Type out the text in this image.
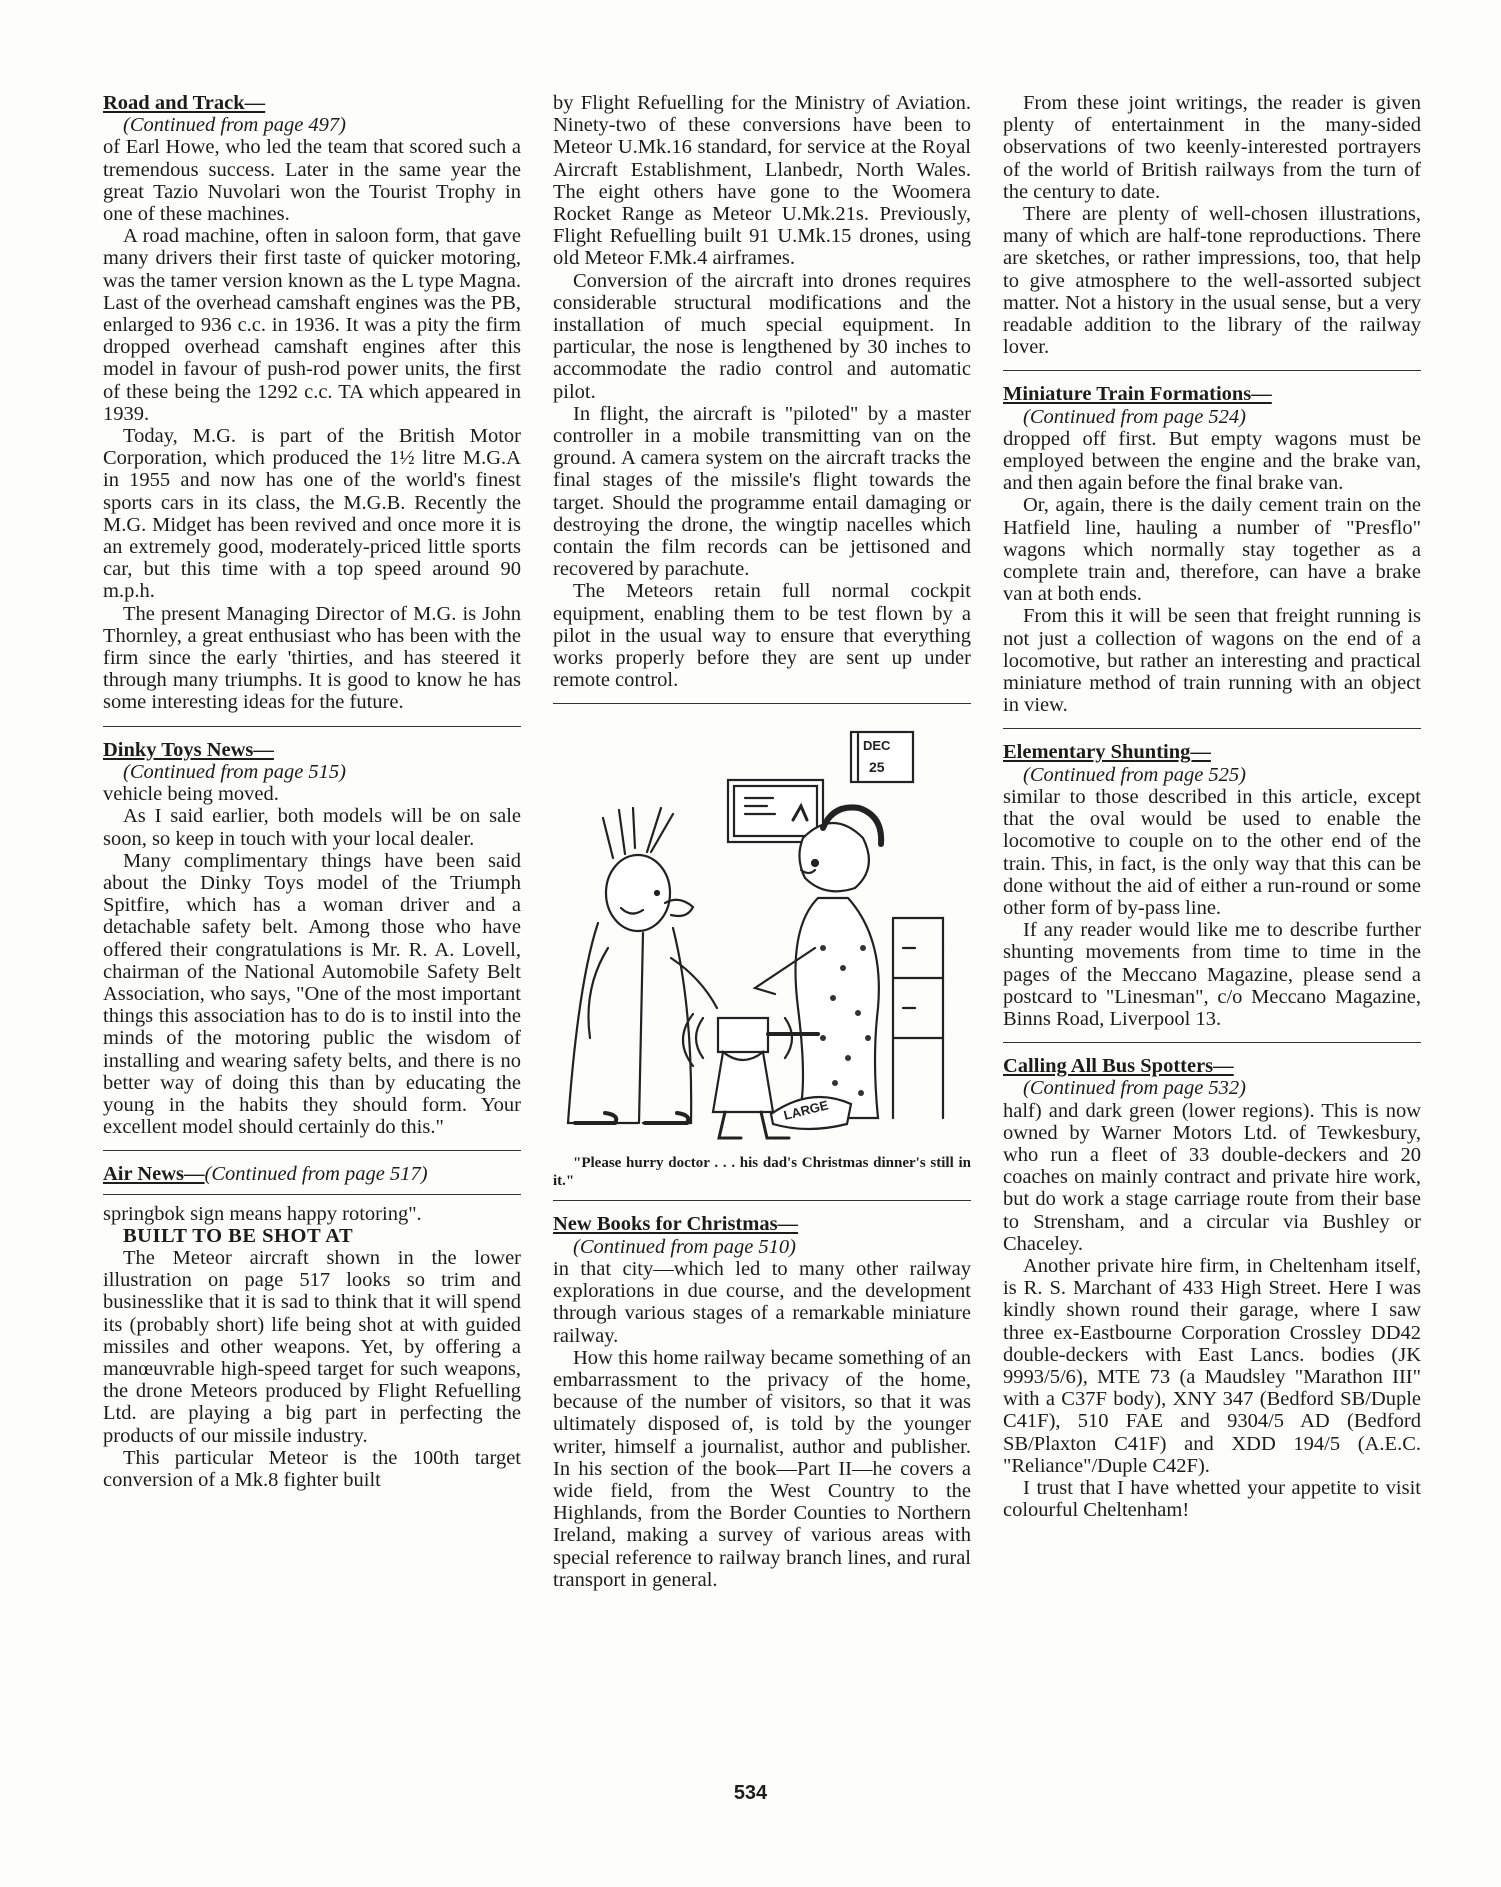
Road and Track—

(Continued from page 497)

of Earl Howe, who led the team that scored such a tremendous success. Later in the same year the great Tazio Nuvolari won the Tourist Trophy in one of these machines.

A road machine, often in saloon form, that gave many drivers their first taste of quicker motoring, was the tamer version known as the L type Magna. Last of the overhead camshaft engines was the PB, enlarged to 936 c.c. in 1936. It was a pity the firm dropped overhead camshaft engines after this model in favour of push-rod power units, the first of these being the 1292 c.c. TA which appeared in 1939.

Today, M.G. is part of the British Motor Corporation, which produced the 1½ litre M.G.A in 1955 and now has one of the world's finest sports cars in its class, the M.G.B. Recently the M.G. Midget has been revived and once more it is an extremely good, moderately-priced little sports car, but this time with a top speed around 90 m.p.h.

The present Managing Director of M.G. is John Thornley, a great enthusiast who has been with the firm since the early 'thirties, and has steered it through many triumphs. It is good to know he has some interesting ideas for the future.

Dinky Toys News—

(Continued from page 515)

vehicle being moved.

As I said earlier, both models will be on sale soon, so keep in touch with your local dealer.

Many complimentary things have been said about the Dinky Toys model of the Triumph Spitfire, which has a woman driver and a detachable safety belt. Among those who have offered their congratulations is Mr. R. A. Lovell, chairman of the National Automobile Safety Belt Association, who says, "One of the most important things this association has to do is to instil into the minds of the motoring public the wisdom of installing and wearing safety belts, and there is no better way of doing this than by educating the young in the habits they should form. Your excellent model should certainly do this."

Air News—(Continued from page 517)

springbok sign means happy rotoring".

BUILT TO BE SHOT AT

The Meteor aircraft shown in the lower illustration on page 517 looks so trim and businesslike that it is sad to think that it will spend its (probably short) life being shot at with guided missiles and other weapons. Yet, by offering a manœuvrable high-speed target for such weapons, the drone Meteors produced by Flight Refuelling Ltd. are playing a big part in perfecting the products of our missile industry.

This particular Meteor is the 100th target conversion of a Mk.8 fighter built

by Flight Refuelling for the Ministry of Aviation. Ninety-two of these conversions have been to Meteor U.Mk.16 standard, for service at the Royal Aircraft Establishment, Llanbedr, North Wales. The eight others have gone to the Woomera Rocket Range as Meteor U.Mk.21s. Previously, Flight Refuelling built 91 U.Mk.15 drones, using old Meteor F.Mk.4 airframes.

Conversion of the aircraft into drones requires considerable structural modifications and the installation of much special equipment. In particular, the nose is lengthened by 30 inches to accommodate the radio control and automatic pilot.

In flight, the aircraft is "piloted" by a master controller in a mobile transmitting van on the ground. A camera system on the aircraft tracks the final stages of the missile's flight towards the target. Should the programme entail damaging or destroying the drone, the wingtip nacelles which contain the film records can be jettisoned and recovered by parachute.

The Meteors retain full normal cockpit equipment, enabling them to be test flown by a pilot in the usual way to ensure that everything works properly before they are sent up under remote control.

DEC
25
LARGE

"Please hurry doctor . . . his dad's Christmas dinner's still in it."

New Books for Christmas—

(Continued from page 510)

in that city—which led to many other railway explorations in due course, and the development through various stages of a remarkable miniature railway.

How this home railway became something of an embarrassment to the privacy of the home, because of the number of visitors, so that it was ultimately disposed of, is told by the younger writer, himself a journalist, author and publisher. In his section of the book—Part II—he covers a wide field, from the West Country to the Highlands, from the Border Counties to Northern Ireland, making a survey of various areas with special reference to railway branch lines, and rural transport in general.

From these joint writings, the reader is given plenty of entertainment in the many-sided observations of two keenly-interested portrayers of the world of British railways from the turn of the century to date.

There are plenty of well-chosen illustrations, many of which are half-tone reproductions. There are sketches, or rather impressions, too, that help to give atmosphere to the well-assorted subject matter. Not a history in the usual sense, but a very readable addition to the library of the railway lover.

Miniature Train Formations—

(Continued from page 524)

dropped off first. But empty wagons must be employed between the engine and the brake van, and then again before the final brake van.

Or, again, there is the daily cement train on the Hatfield line, hauling a number of "Presflo" wagons which normally stay together as a complete train and, therefore, can have a brake van at both ends.

From this it will be seen that freight running is not just a collection of wagons on the end of a locomotive, but rather an interesting and practical miniature method of train running with an object in view.

Elementary Shunting—

(Continued from page 525)

similar to those described in this article, except that the oval would be used to enable the locomotive to couple on to the other end of the train. This, in fact, is the only way that this can be done without the aid of either a run-round or some other form of by-pass line.

If any reader would like me to describe further shunting movements from time to time in the pages of the Meccano Magazine, please send a postcard to "Linesman", c/o Meccano Magazine, Binns Road, Liverpool 13.

Calling All Bus Spotters—

(Continued from page 532)

half) and dark green (lower regions). This is now owned by Warner Motors Ltd. of Tewkesbury, who run a fleet of 33 double-deckers and 20 coaches on mainly contract and private hire work, but do work a stage carriage route from their base to Strensham, and a circular via Bushley or Chaceley.

Another private hire firm, in Cheltenham itself, is R. S. Marchant of 433 High Street. Here I was kindly shown round their garage, where I saw three ex-Eastbourne Corporation Crossley DD42 double-deckers with East Lancs. bodies (JK 9993/5/6), MTE 73 (a Maudsley "Marathon III" with a C37F body), XNY 347 (Bedford SB/Duple C41F), 510 FAE and 9304/5 AD (Bedford SB/Plaxton C41F) and XDD 194/5 (A.E.C. "Reliance"/Duple C42F).

I trust that I have whetted your appetite to visit colourful Cheltenham!

534
